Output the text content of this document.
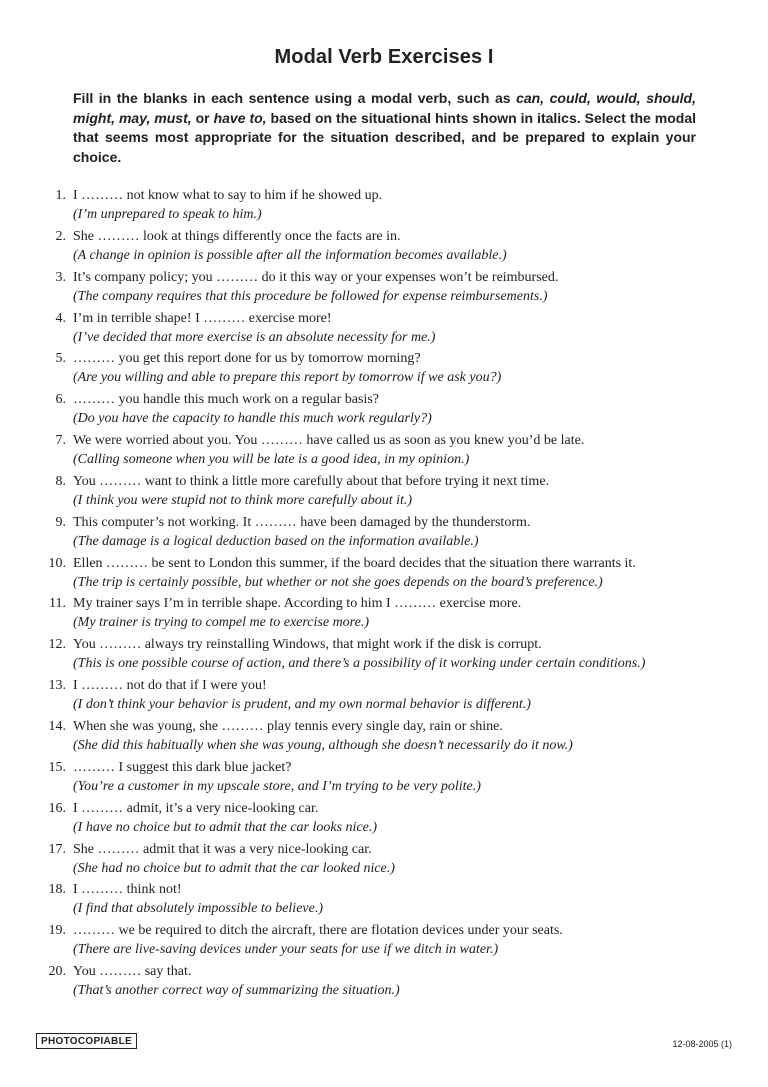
Modal Verb Exercises I
Fill in the blanks in each sentence using a modal verb, such as can, could, would, should, might, may, must, or have to, based on the situational hints shown in italics. Select the modal that seems most appropriate for the situation described, and be prepared to explain your choice.
1. I ……… not know what to say to him if he showed up.
(I’m unprepared to speak to him.)
2. She ……… look at things differently once the facts are in.
(A change in opinion is possible after all the information becomes available.)
3. It’s company policy; you ……… do it this way or your expenses won’t be reimbursed.
(The company requires that this procedure be followed for expense reimbursements.)
4. I’m in terrible shape! I ……… exercise more!
(I’ve decided that more exercise is an absolute necessity for me.)
5. ……… you get this report done for us by tomorrow morning?
(Are you willing and able to prepare this report by tomorrow if we ask you?)
6. ……… you handle this much work on a regular basis?
(Do you have the capacity to handle this much work regularly?)
7. We were worried about you. You ……… have called us as soon as you knew you’d be late.
(Calling someone when you will be late is a good idea, in my opinion.)
8. You ……… want to think a little more carefully about that before trying it next time.
(I think you were stupid not to think more carefully about it.)
9. This computer’s not working. It ……… have been damaged by the thunderstorm.
(The damage is a logical deduction based on the information available.)
10. Ellen ……… be sent to London this summer, if the board decides that the situation there warrants it.
(The trip is certainly possible, but whether or not she goes depends on the board’s preference.)
11. My trainer says I’m in terrible shape. According to him I ……… exercise more.
(My trainer is trying to compel me to exercise more.)
12. You ……… always try reinstalling Windows, that might work if the disk is corrupt.
(This is one possible course of action, and there’s a possibility of it working under certain conditions.)
13. I ……… not do that if I were you!
(I don’t think your behavior is prudent, and my own normal behavior is different.)
14. When she was young, she ……… play tennis every single day, rain or shine.
(She did this habitually when she was young, although she doesn’t necessarily do it now.)
15. ……… I suggest this dark blue jacket?
(You’re a customer in my upscale store, and I’m trying to be very polite.)
16. I ……… admit, it’s a very nice-looking car.
(I have no choice but to admit that the car looks nice.)
17. She ……… admit that it was a very nice-looking car.
(She had no choice but to admit that the car looked nice.)
18. I ……… think not!
(I find that absolutely impossible to believe.)
19. ……… we be required to ditch the aircraft, there are flotation devices under your seats.
(There are live-saving devices under your seats for use if we ditch in water.)
20. You ……… say that.
(That’s another correct way of summarizing the situation.)
PHOTOCOPIABLE	12-08-2005 (1)
